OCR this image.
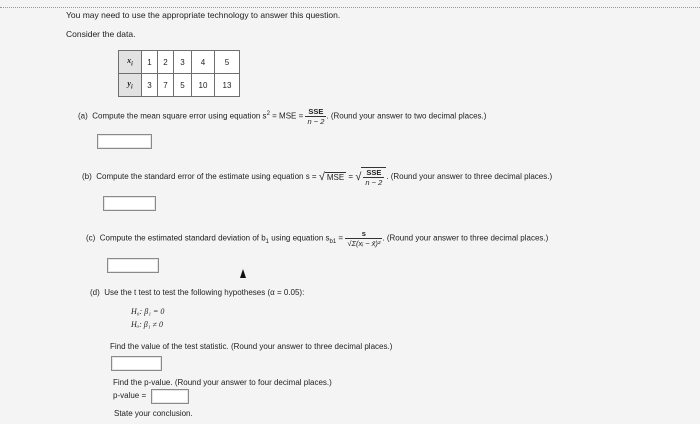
You may need to use the appropriate technology to answer this question.
Consider the data.
$x_i$	1	2	3	4	5
$y_i$	3	7	5	10	13
(a) Compute the mean square error using equation $s^2$ = MSE = $\frac{\text{SSE}}{n - 2}$ . (Round your answer to two decimal places.)
(b) Compute the standard error of the estimate using equation s = √ MSE = √ $\frac{\text{SSE}}{n - 2}$ . (Round your answer to three decimal places.)
(c) Compute the estimated standard deviation of $b_1$ using equation $s_{b1} = \frac{s}{\text{√Σ(xᵢ − x̄)²}}$ . (Round your answer to three decimal places.)
(d) Use the t test to test the following hypotheses (α = 0.05):
H₀: β₁ = 0
Hₐ: β₁ ≠ 0
Find the value of the test statistic. (Round your answer to three decimal places.)
Find the p-value. (Round your answer to four decimal places.)
p-value =
State your conclusion.
